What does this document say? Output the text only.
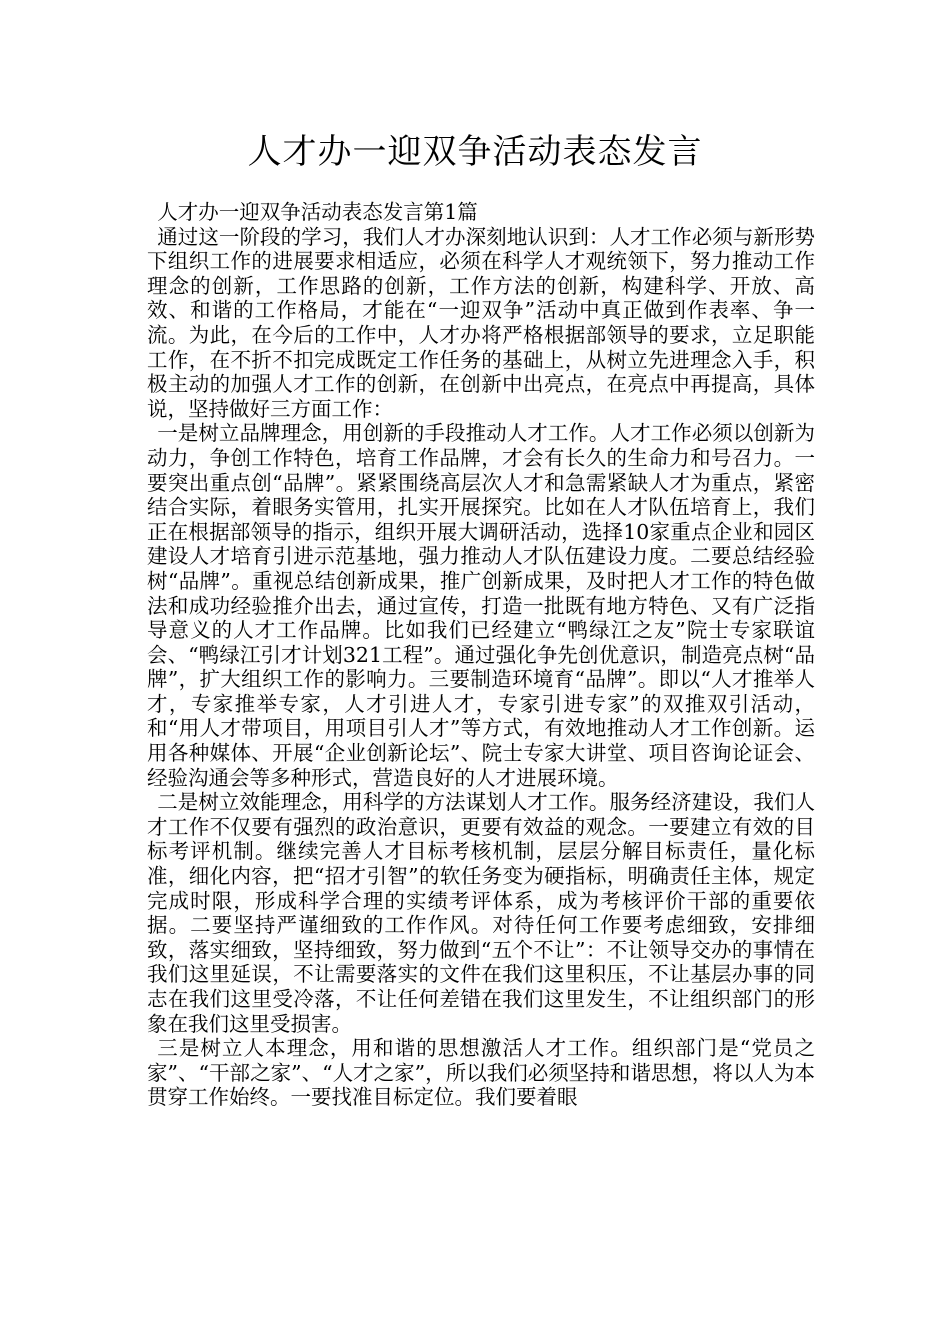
人才办一迎双争活动表态发言

人才办一迎双争活动表态发言第1篇

通过这一阶段的学习，我们人才办深刻地认识到：人才工作必须与新形势下组织工作的进展要求相适应，必须在科学人才观统领下，努力推动工作理念的创新，工作思路的创新，工作方法的创新，构建科学、开放、高效、和谐的工作格局，才能在“一迎双争”活动中真正做到作表率、争一流。为此，在今后的工作中，人才办将严格根据部领导的要求，立足职能工作，在不折不扣完成既定工作任务的基础上，从树立先进理念入手，积极主动的加强人才工作的创新，在创新中出亮点，在亮点中再提高，具体说，坚持做好三方面工作：

一是树立品牌理念，用创新的手段推动人才工作。人才工作必须以创新为动力，争创工作特色，培育工作品牌，才会有长久的生命力和号召力。一要突出重点创“品牌”。紧紧围绕高层次人才和急需紧缺人才为重点，紧密结合实际，着眼务实管用，扎实开展探究。比如在人才队伍培育上，我们正在根据部领导的指示，组织开展大调研活动，选择10家重点企业和园区建设人才培育引进示范基地，强力推动人才队伍建设力度。二要总结经验树“品牌”。重视总结创新成果，推广创新成果，及时把人才工作的特色做法和成功经验推介出去，通过宣传，打造一批既有地方特色、又有广泛指导意义的人才工作品牌。比如我们已经建立“鸭绿江之友”院士专家联谊会、“鸭绿江引才计划321工程”。通过强化争先创优意识，制造亮点树“品牌”，扩大组织工作的影响力。三要制造环境育“品牌”。即以“人才推举人才，专家推举专家，人才引进人才，专家引进专家”的双推双引活动，和“用人才带项目，用项目引人才”等方式，有效地推动人才工作创新。运用各种媒体、开展“企业创新论坛”、院士专家大讲堂、项目咨询论证会、经验沟通会等多种形式，营造良好的人才进展环境。

二是树立效能理念，用科学的方法谋划人才工作。服务经济建设，我们人才工作不仅要有强烈的政治意识，更要有效益的观念。一要建立有效的目标考评机制。继续完善人才目标考核机制，层层分解目标责任，量化标准，细化内容，把“招才引智”的软任务变为硬指标，明确责任主体，规定完成时限，形成科学合理的实绩考评体系，成为考核评价干部的重要依据。二要坚持严谨细致的工作作风。对待任何工作要考虑细致，安排细致，落实细致，坚持细致，努力做到“五个不让”：不让领导交办的事情在我们这里延误，不让需要落实的文件在我们这里积压，不让基层办事的同志在我们这里受冷落，不让任何差错在我们这里发生，不让组织部门的形象在我们这里受损害。

三是树立人本理念，用和谐的思想激活人才工作。组织部门是“党员之家”、“干部之家”、“人才之家”，所以我们必须坚持和谐思想，将以人为本贯穿工作始终。一要找准目标定位。我们要着眼
